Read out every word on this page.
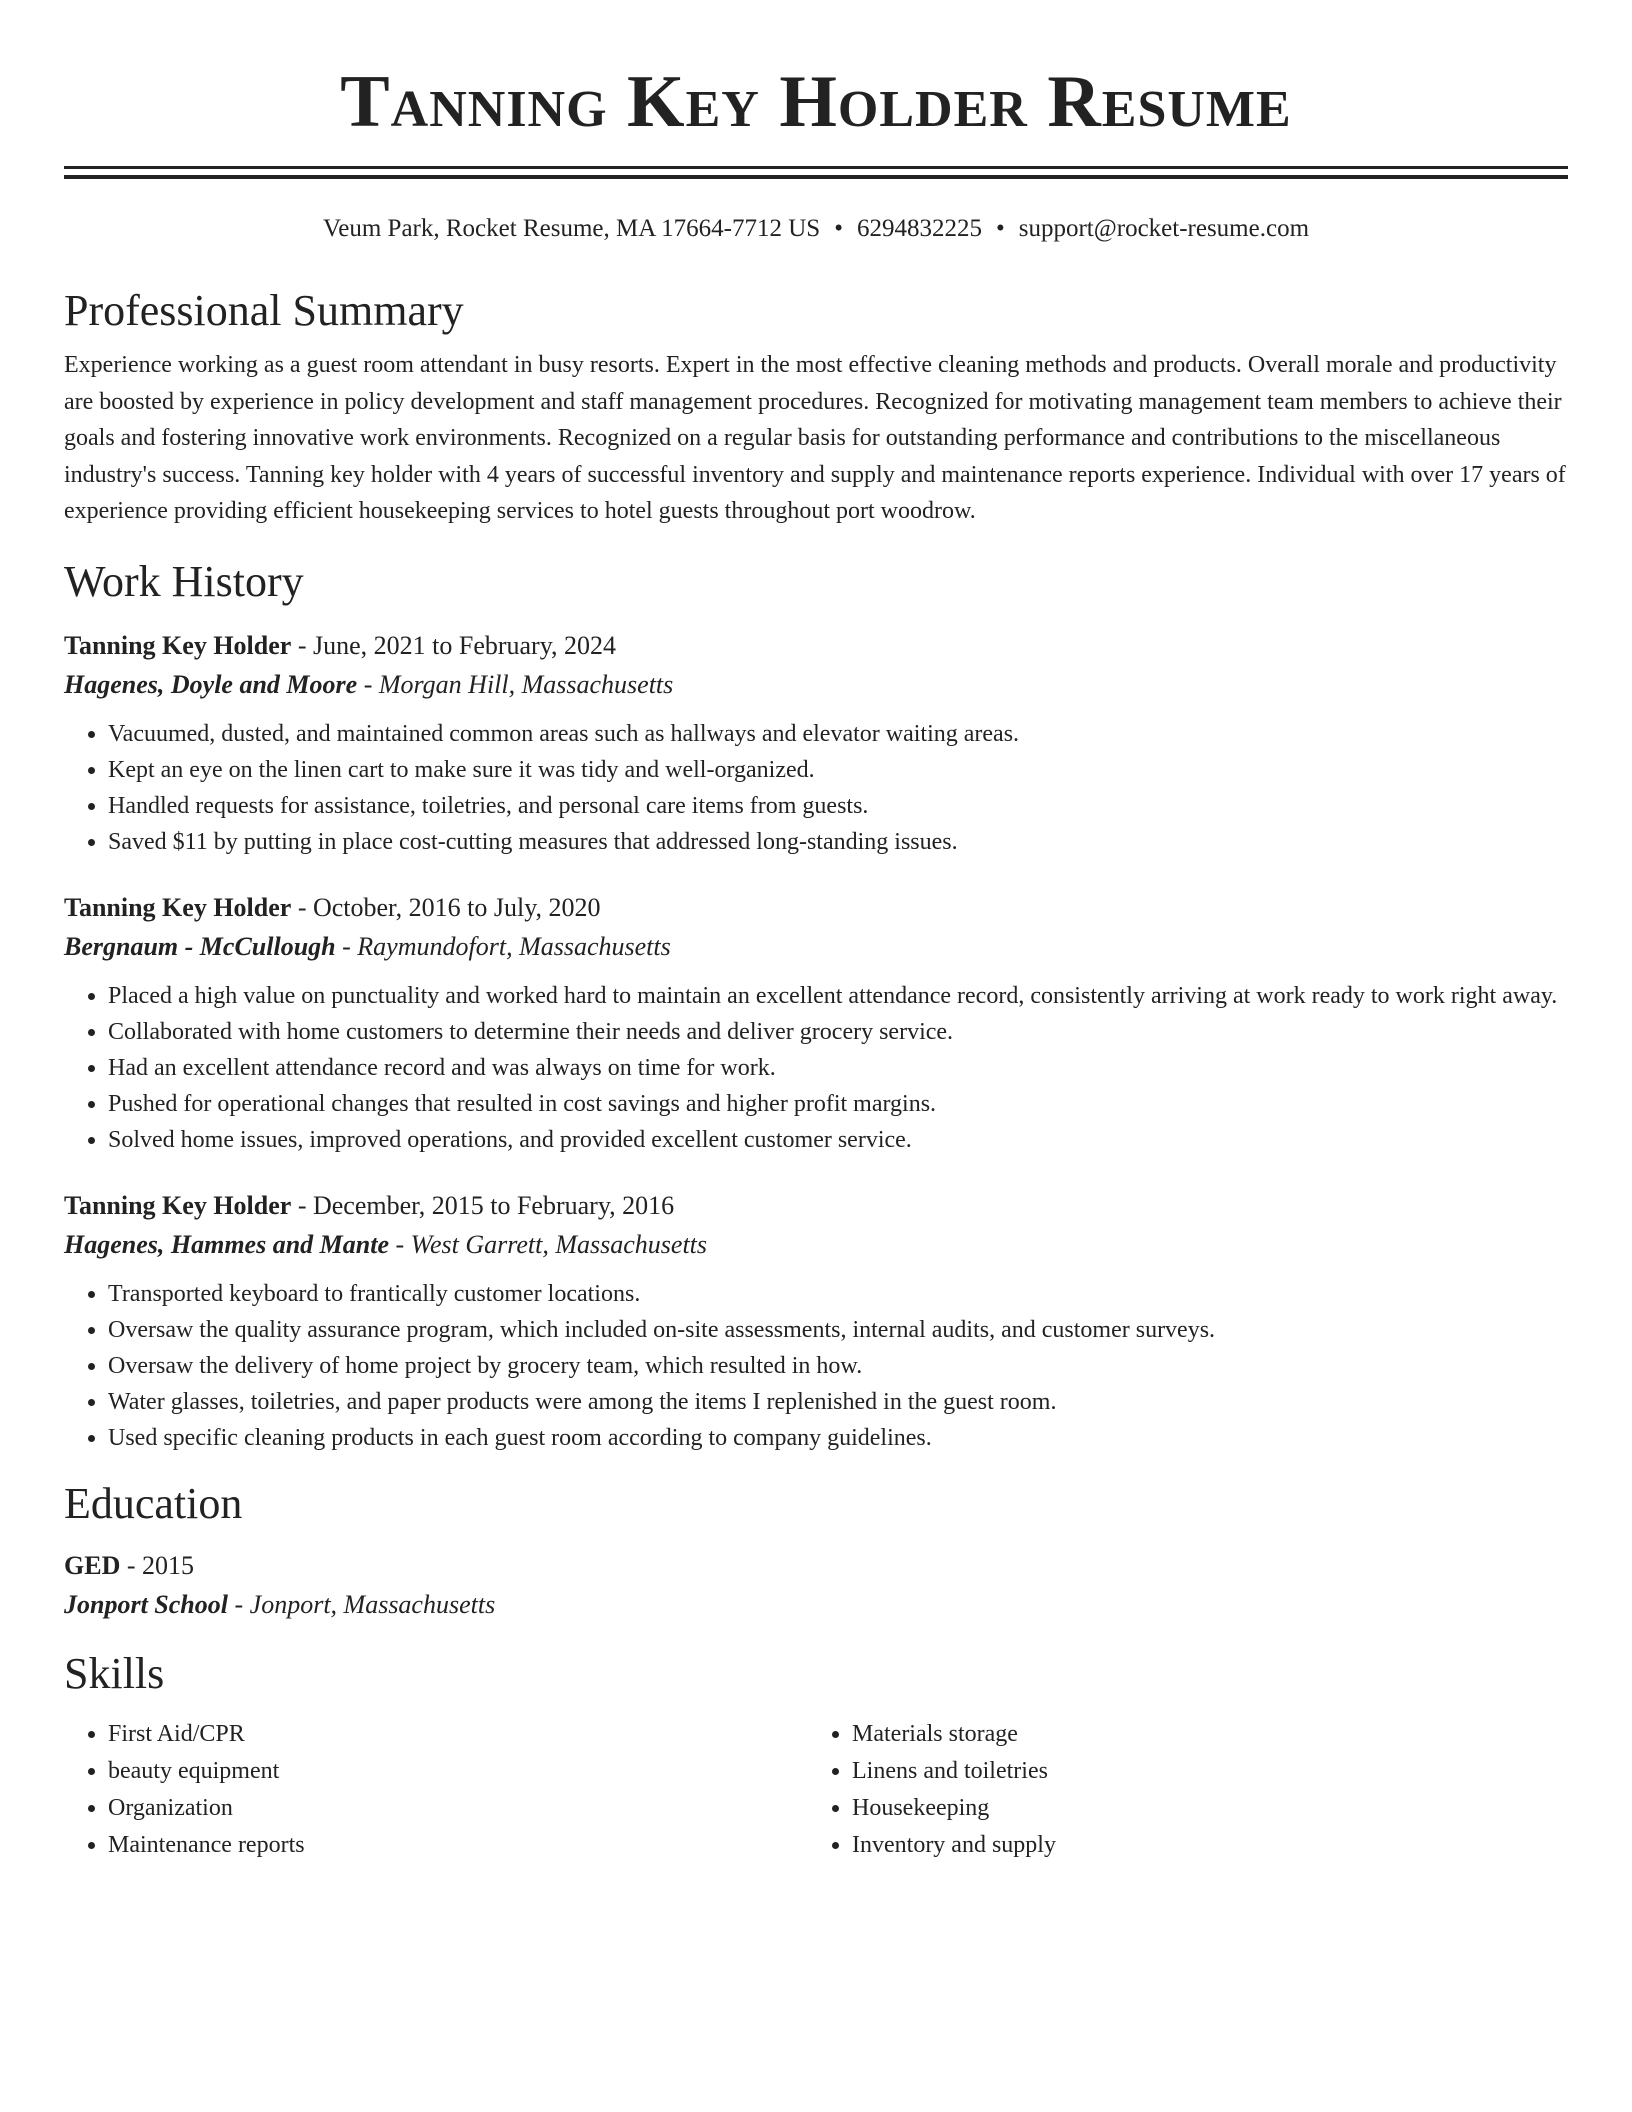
Tanning Key Holder Resume
Veum Park, Rocket Resume, MA 17664-7712 US • 6294832225 • support@rocket-resume.com
Professional Summary

Experience working as a guest room attendant in busy resorts. Expert in the most effective cleaning methods and products. Overall morale and productivity are boosted by experience in policy development and staff management procedures. Recognized for motivating management team members to achieve their goals and fostering innovative work environments. Recognized on a regular basis for outstanding performance and contributions to the miscellaneous industry's success. Tanning key holder with 4 years of successful inventory and supply and maintenance reports experience. Individual with over 17 years of experience providing efficient housekeeping services to hotel guests throughout port woodrow.

Work History
Tanning Key Holder - June, 2021 to February, 2024
Hagenes, Doyle and Moore - Morgan Hill, Massachusetts
• Vacuumed, dusted, and maintained common areas such as hallways and elevator waiting areas.
• Kept an eye on the linen cart to make sure it was tidy and well-organized.
• Handled requests for assistance, toiletries, and personal care items from guests.
• Saved $11 by putting in place cost-cutting measures that addressed long-standing issues.
Tanning Key Holder - October, 2016 to July, 2020
Bergnaum - McCullough - Raymundofort, Massachusetts
• Placed a high value on punctuality and worked hard to maintain an excellent attendance record, consistently arriving at work ready to work right away.
• Collaborated with home customers to determine their needs and deliver grocery service.
• Had an excellent attendance record and was always on time for work.
• Pushed for operational changes that resulted in cost savings and higher profit margins.
• Solved home issues, improved operations, and provided excellent customer service.
Tanning Key Holder - December, 2015 to February, 2016
Hagenes, Hammes and Mante - West Garrett, Massachusetts
• Transported keyboard to frantically customer locations.
• Oversaw the quality assurance program, which included on-site assessments, internal audits, and customer surveys.
• Oversaw the delivery of home project by grocery team, which resulted in how.
• Water glasses, toiletries, and paper products were among the items I replenished in the guest room.
• Used specific cleaning products in each guest room according to company guidelines.
Education
GED - 2015
Jonport School - Jonport, Massachusetts
Skills
• First Aid/CPR
• beauty equipment
• Organization
• Maintenance reports
• Materials storage
• Linens and toiletries
• Housekeeping
• Inventory and supply
